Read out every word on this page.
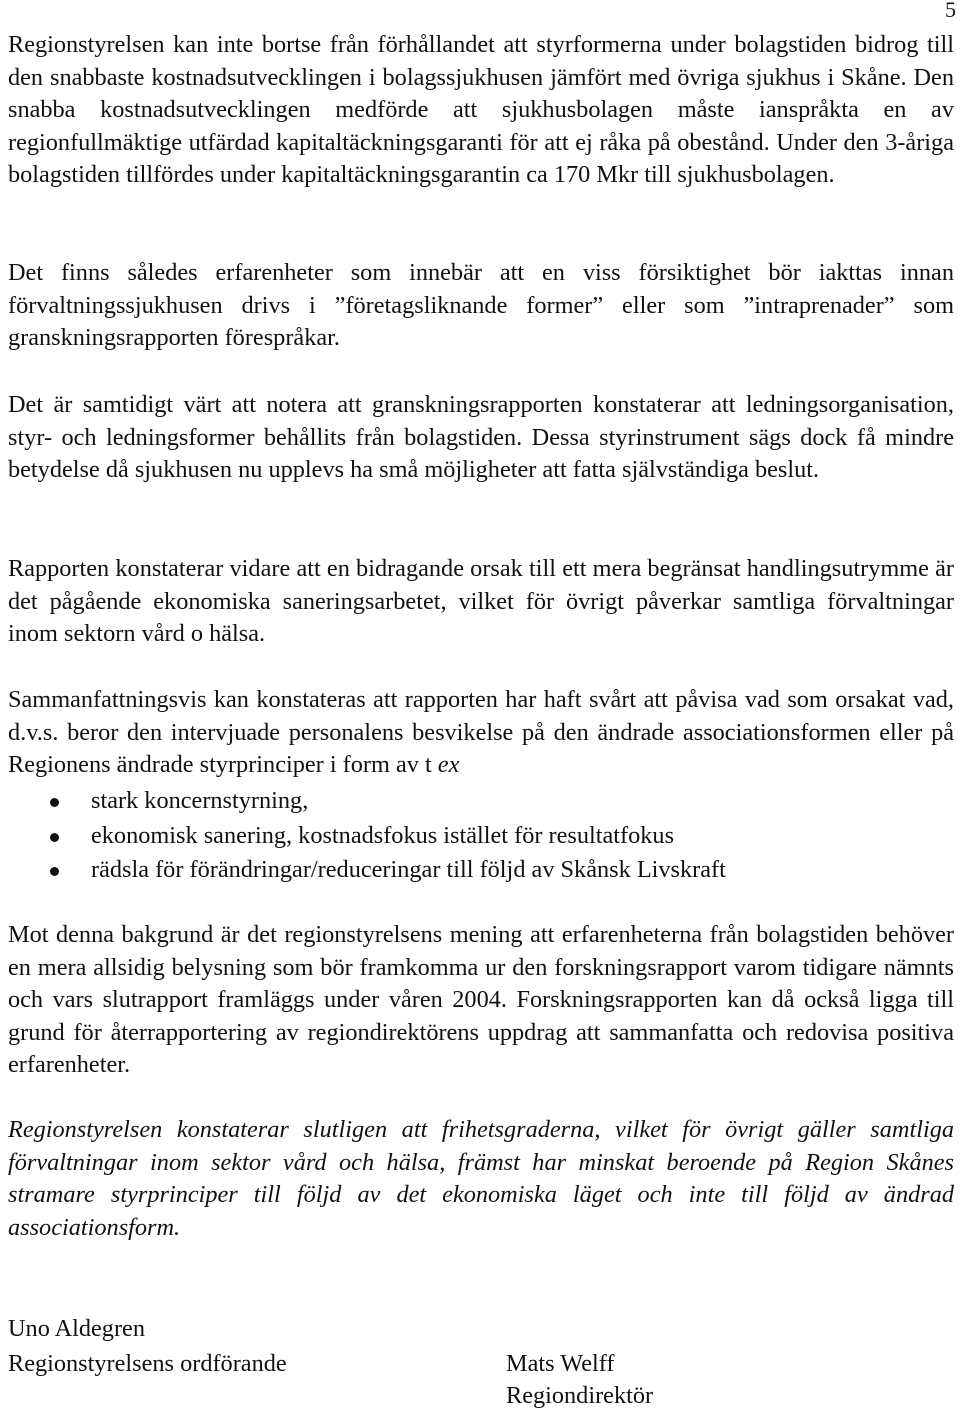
5

Regionstyrelsen kan inte bortse från förhållandet att styrformerna under bolagstiden bidrog till den snabbaste kostnadsutvecklingen i bolagssjukhusen jämfört med övriga sjukhus i Skåne. Den snabba kostnadsutvecklingen medförde att sjukhusbolagen måste ianspråkta en av regionfullmäktige utfärdad kapitaltäckningsgaranti för att ej råka på obestånd. Under den 3-åriga bolagstiden tillfördes under kapitaltäckningsgarantin ca 170 Mkr till sjukhusbolagen.

Det finns således erfarenheter som innebär att en viss försiktighet bör iakttas innan förvaltningssjukhusen drivs i ”företagsliknande former” eller som ”intraprenader” som granskningsrapporten förespråkar.

Det är samtidigt värt att notera att granskningsrapporten konstaterar att ledningsorganisation, styr- och ledningsformer behållits från bolagstiden. Dessa styrinstrument sägs dock få mindre betydelse då sjukhusen nu upplevs ha små möjligheter att fatta självständiga beslut.

Rapporten konstaterar vidare att en bidragande orsak till ett mera begränsat handlingsutrymme är det pågående ekonomiska saneringsarbetet, vilket för övrigt påverkar samtliga förvaltningar inom sektorn vård o hälsa.

Sammanfattningsvis kan konstateras att rapporten har haft svårt att påvisa vad som orsakat vad, d.v.s. beror den intervjuade personalens besvikelse på den ändrade associationsformen eller på Regionens ändrade styrprinciper i form av t ex

stark koncernstyrning,
ekonomisk sanering, kostnadsfokus istället för resultatfokus
rädsla för förändringar/reduceringar till följd av Skånsk Livskraft

Mot denna bakgrund är det regionstyrelsens mening att erfarenheterna från bolagstiden behöver en mera allsidig belysning som bör framkomma ur den forskningsrapport varom tidigare nämnts och vars slutrapport framläggs under våren 2004. Forskningsrapporten kan då också ligga till grund för återrapportering av regiondirektörens uppdrag att sammanfatta och redovisa positiva erfarenheter.

Regionstyrelsen konstaterar slutligen att frihetsgraderna, vilket för övrigt gäller samtliga förvaltningar inom sektor vård och hälsa, främst har minskat beroende på Region Skånes stramare styrprinciper till följd av det ekonomiska läget och inte till följd av ändrad associationsform.

Uno Aldegren
Regionstyrelsens ordförande	Mats Welff
Regiondirektör
